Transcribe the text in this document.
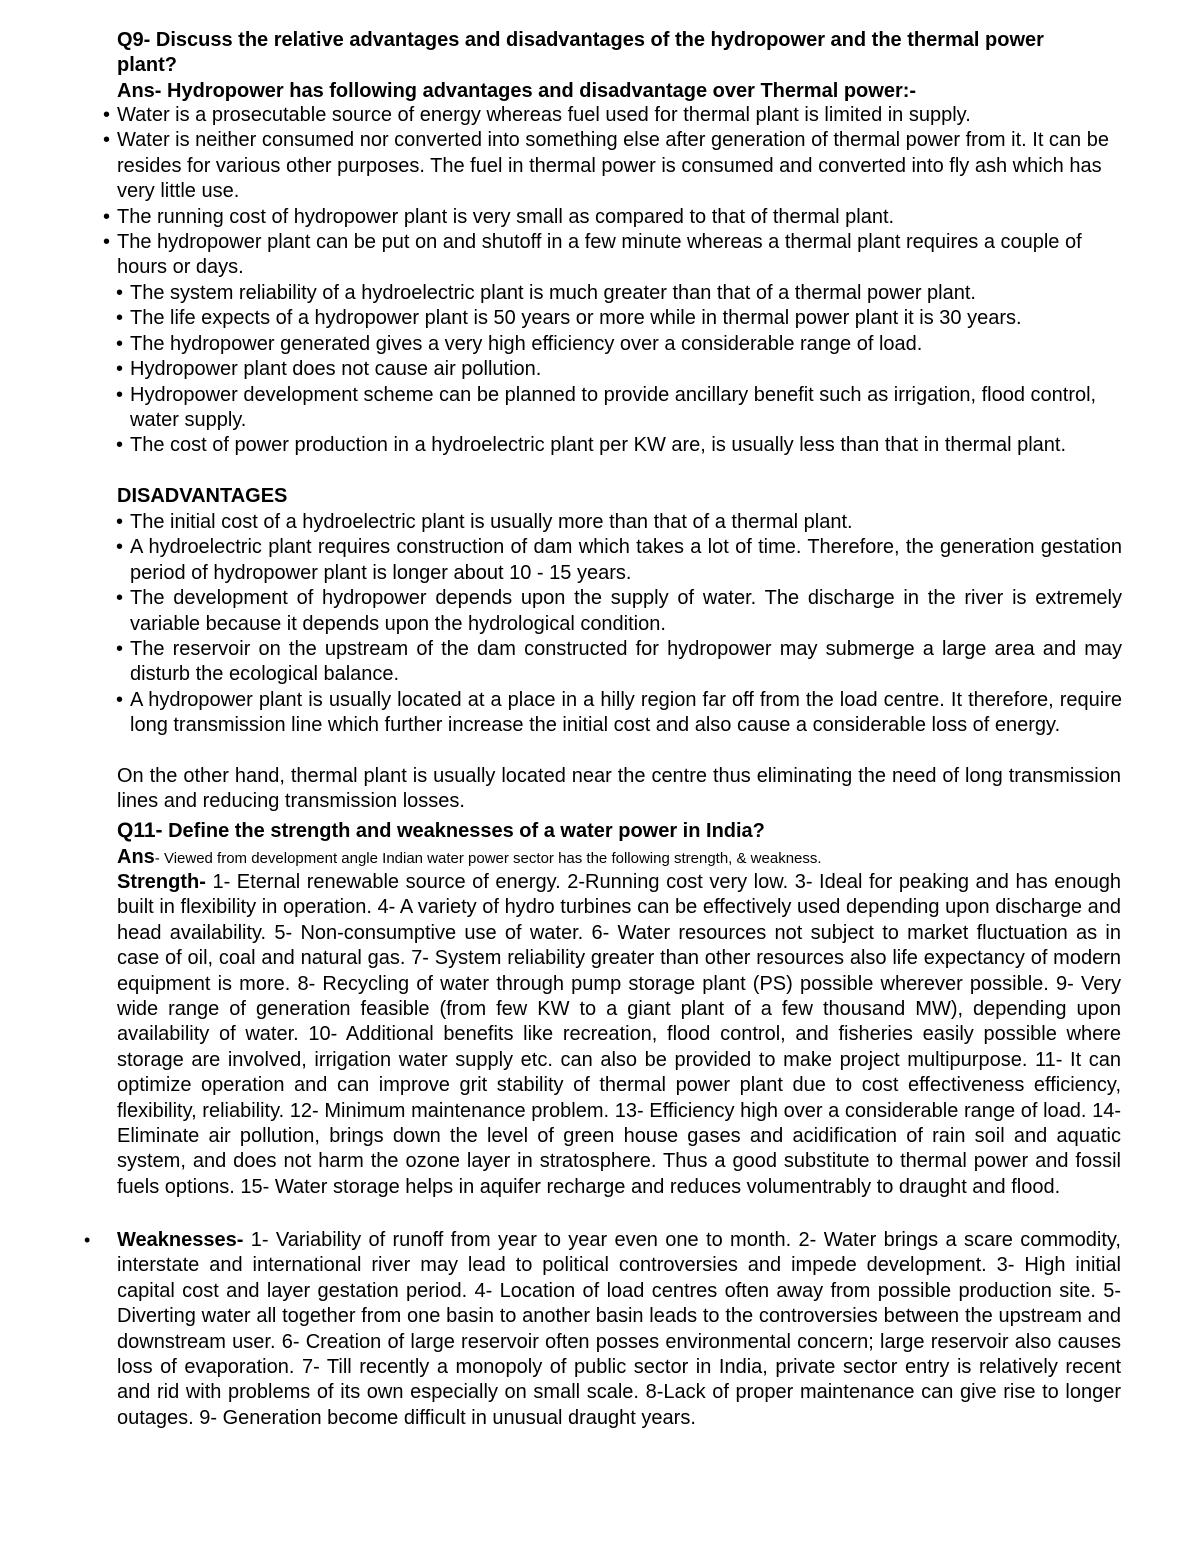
Q9- Discuss the relative advantages and disadvantages of the hydropower and the thermal power plant?
Ans- Hydropower has following advantages and disadvantage over Thermal power:-
• Water is a prosecutable source of energy whereas fuel used for thermal plant is limited in supply.
• Water is neither consumed nor converted into something else after generation of thermal power from it. It can be resides for various other purposes. The fuel in thermal power is consumed and converted into fly ash which has very little use.
• The running cost of hydropower plant is very small as compared to that of thermal plant.
• The hydropower plant can be put on and shutoff in a few minute whereas a thermal plant requires a couple of hours or days.
• The system reliability of a hydroelectric plant is much greater than that of a thermal power plant.
• The life expects of a hydropower plant is 50 years or more while in thermal power plant it is 30 years.
• The hydropower generated gives a very high efficiency over a considerable range of load.
• Hydropower plant does not cause air pollution.
• Hydropower development scheme can be planned to provide ancillary benefit such as irrigation, flood control, water supply.
• The cost of power production in a hydroelectric plant per KW are, is usually less than that in thermal plant.
DISADVANTAGES
• The initial cost of a hydroelectric plant is usually more than that of a thermal plant.
• A hydroelectric plant requires construction of dam which takes a lot of time. Therefore, the generation gestation period of hydropower plant is longer about 10 - 15 years.
• The development of hydropower depends upon the supply of water. The discharge in the river is extremely variable because it depends upon the hydrological condition.
• The reservoir on the upstream of the dam constructed for hydropower may submerge a large area and may disturb the ecological balance.
• A hydropower plant is usually located at a place in a hilly region far off from the load centre. It therefore, require long transmission line which further increase the initial cost and also cause a considerable loss of energy.
On the other hand, thermal plant is usually located near the centre thus eliminating the need of long transmission lines and reducing transmission losses.
Q11- Define the strength and weaknesses of a water power in India?
Ans- Viewed from development angle Indian water power sector has the following strength, & weakness.
Strength- 1- Eternal renewable source of energy. 2-Running cost very low. 3- Ideal for peaking and has enough built in flexibility in operation. 4- A variety of hydro turbines can be effectively used depending upon discharge and head availability. 5- Non-consumptive use of water. 6- Water resources not subject to market fluctuation as in case of oil, coal and natural gas. 7- System reliability greater than other resources also life expectancy of modern equipment is more. 8- Recycling of water through pump storage plant (PS) possible wherever possible. 9- Very wide range of generation feasible (from few KW to a giant plant of a few thousand MW), depending upon availability of water. 10- Additional benefits like recreation, flood control, and fisheries easily possible where storage are involved, irrigation water supply etc. can also be provided to make project multipurpose. 11- It can optimize operation and can improve grit stability of thermal power plant due to cost effectiveness efficiency, flexibility, reliability. 12- Minimum maintenance problem. 13- Efficiency high over a considerable range of load. 14- Eliminate air pollution, brings down the level of green house gases and acidification of rain soil and aquatic system, and does not harm the ozone layer in stratosphere. Thus a good substitute to thermal power and fossil fuels options. 15- Water storage helps in aquifer recharge and reduces volumentrably to draught and flood.
• Weaknesses- 1- Variability of runoff from year to year even one to month. 2- Water brings a scare commodity, interstate and international river may lead to political controversies and impede development. 3- High initial capital cost and layer gestation period. 4- Location of load centres often away from possible production site. 5- Diverting water all together from one basin to another basin leads to the controversies between the upstream and downstream user. 6- Creation of large reservoir often posses environmental concern; large reservoir also causes loss of evaporation. 7- Till recently a monopoly of public sector in India, private sector entry is relatively recent and rid with problems of its own especially on small scale. 8-Lack of proper maintenance can give rise to longer outages. 9- Generation become difficult in unusual draught years.
